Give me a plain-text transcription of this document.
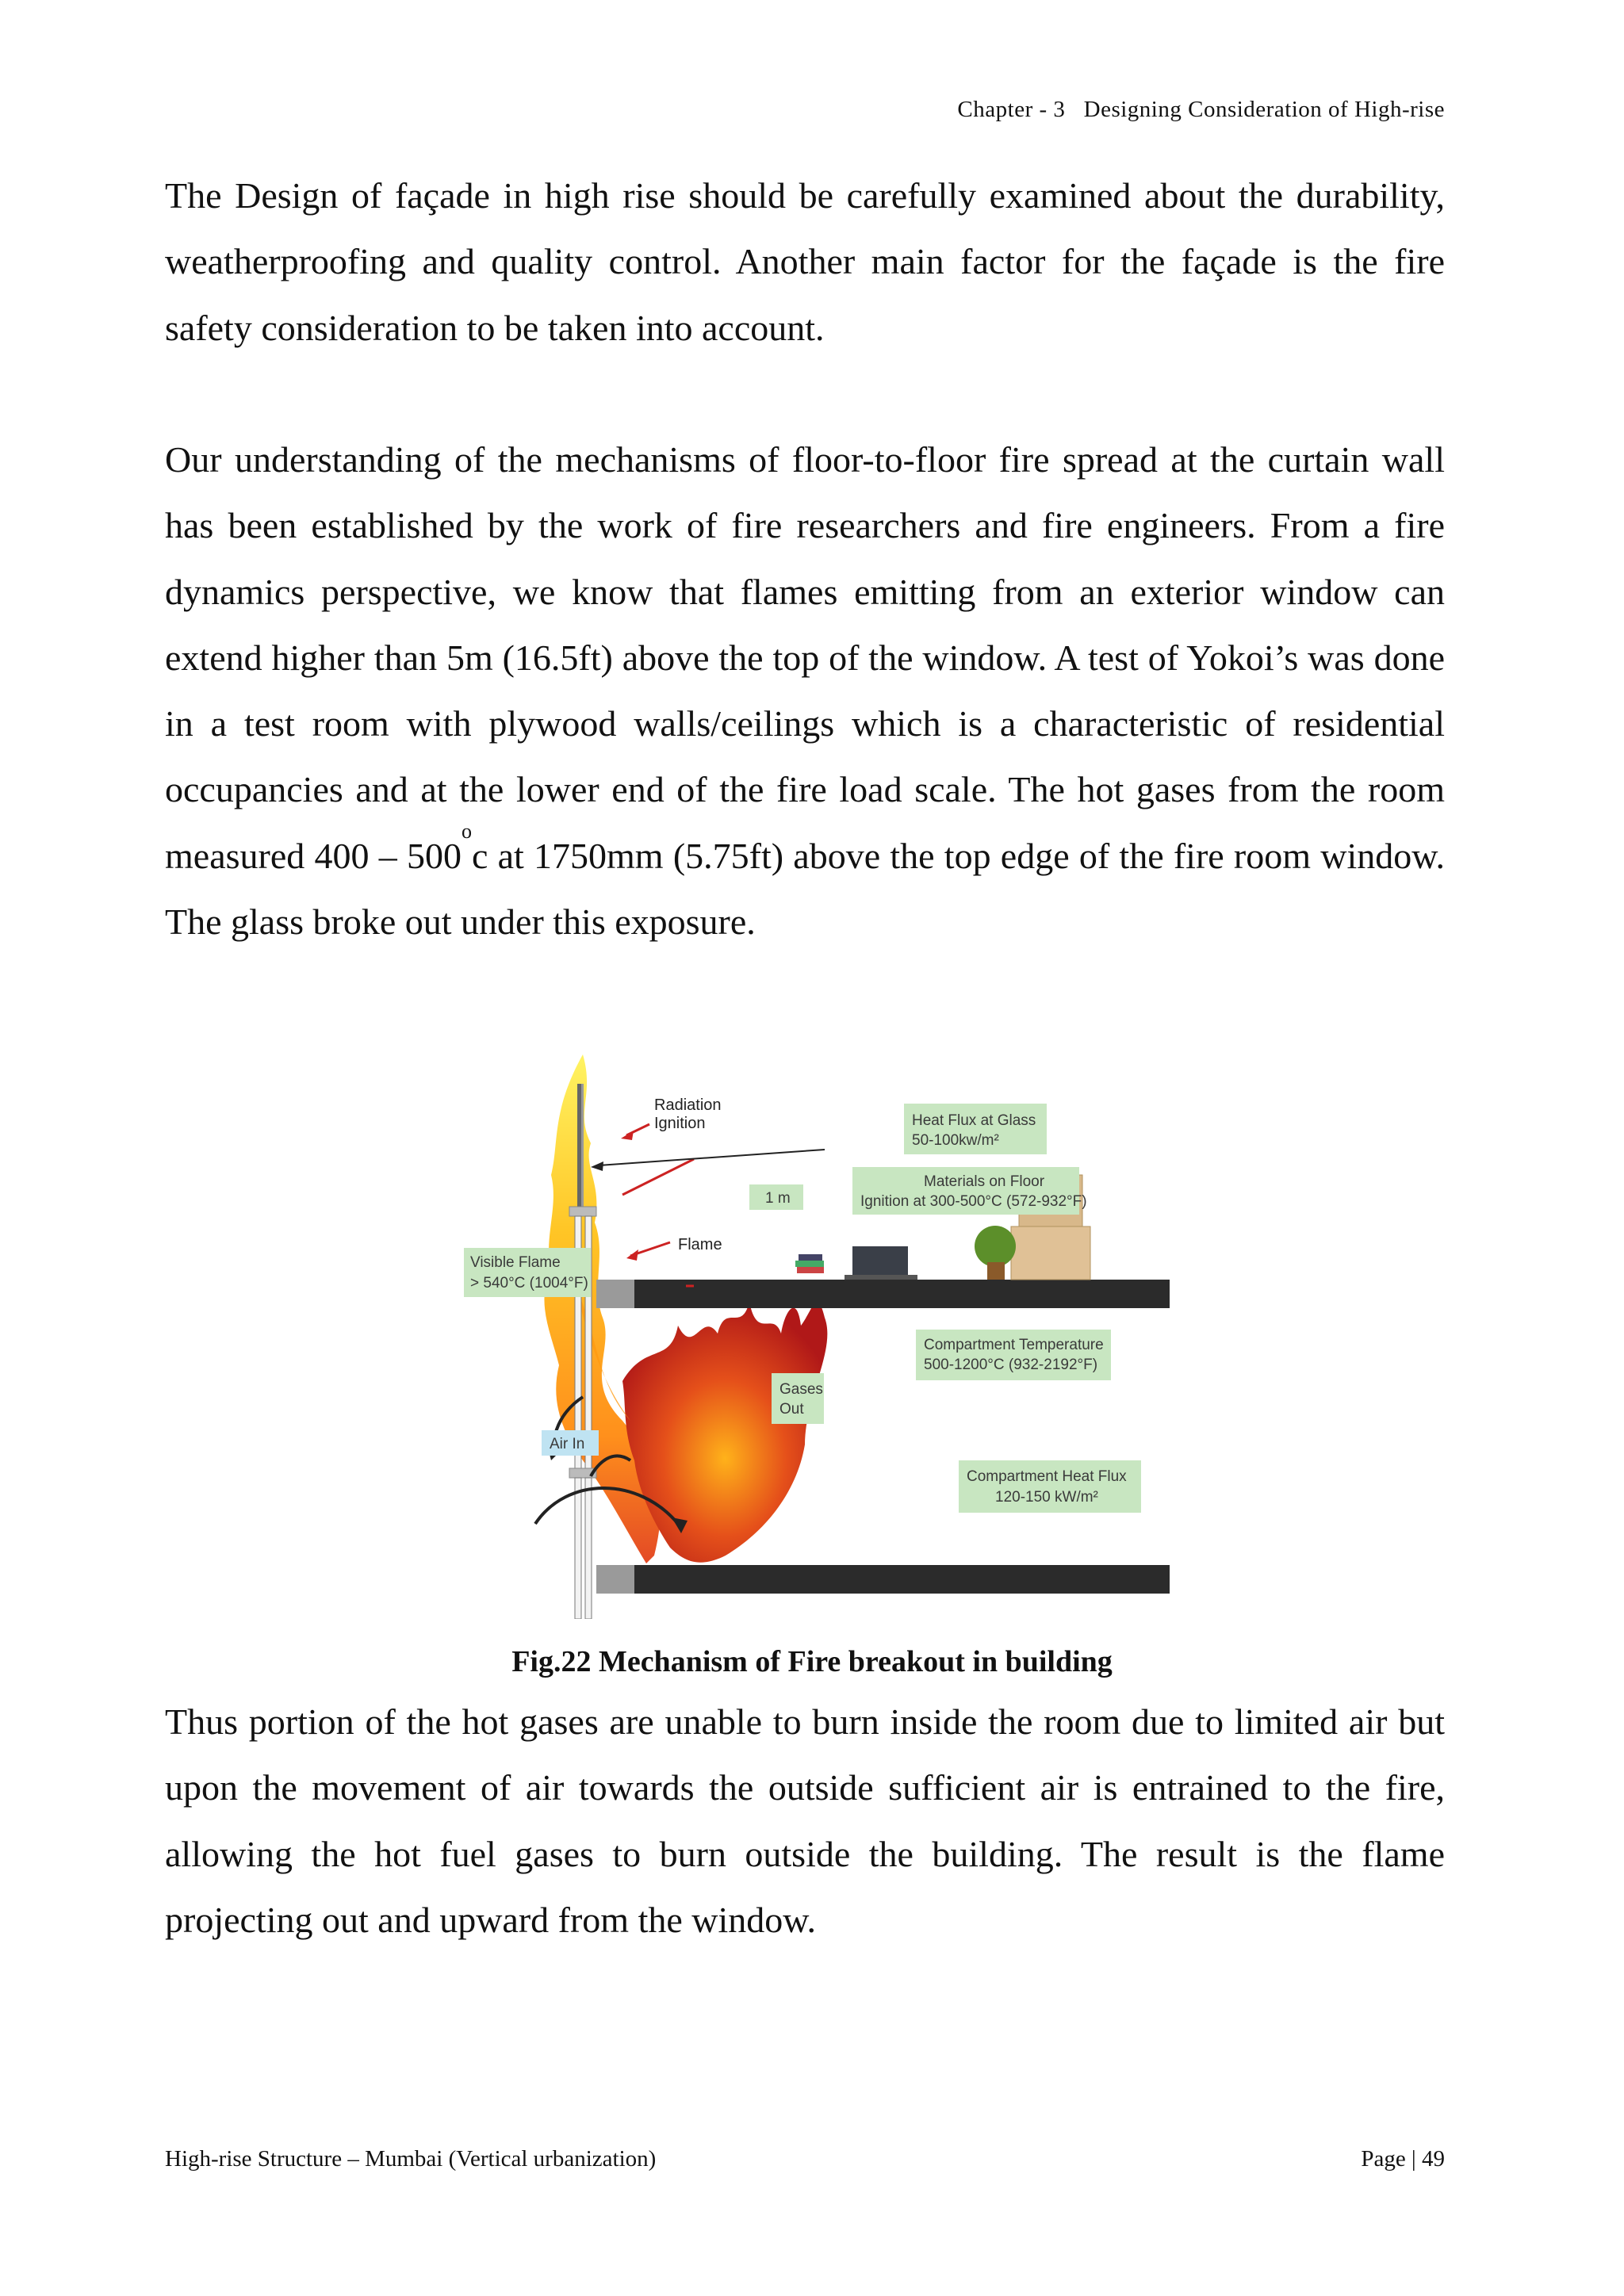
Chapter - 3 Designing Consideration of High-rise

The Design of façade in high rise should be carefully examined about the durability, weatherproofing and quality control. Another main factor for the façade is the fire safety consideration to be taken into account.

Our understanding of the mechanisms of floor-to-floor fire spread at the curtain wall has been established by the work of fire researchers and fire engineers. From a fire dynamics perspective, we know that flames emitting from an exterior window can extend higher than 5m (16.5ft) above the top of the window. A test of Yokoi’s was done in a test room with plywood walls/ceilings which is a characteristic of residential occupancies and at the lower end of the fire load scale. The hot gases from the room measured 400 – 500$^o$c at 1750mm (5.75ft) above the top edge of the fire room window. The glass broke out under this exposure.

Radiation
Ignition	Heat Flux at Glass
50-100kw/m²
Materials on Floor
Ignition at 300-500°C (572-932°F)
1 m
Flame
Visible Flame
> 540°C (1004°F)
Compartment Temperature
500-1200°C (932-2192°F)
Gases
Out
Air In
Compartment Heat Flux
120-150 kW/m²
Fig.22 Mechanism of Fire breakout in building

Thus portion of the hot gases are unable to burn inside the room due to limited air but upon the movement of air towards the outside sufficient air is entrained to the fire, allowing the hot fuel gases to burn outside the building. The result is the flame projecting out and upward from the window.

High-rise Structure – Mumbai (Vertical urbanization)	Page | 49
